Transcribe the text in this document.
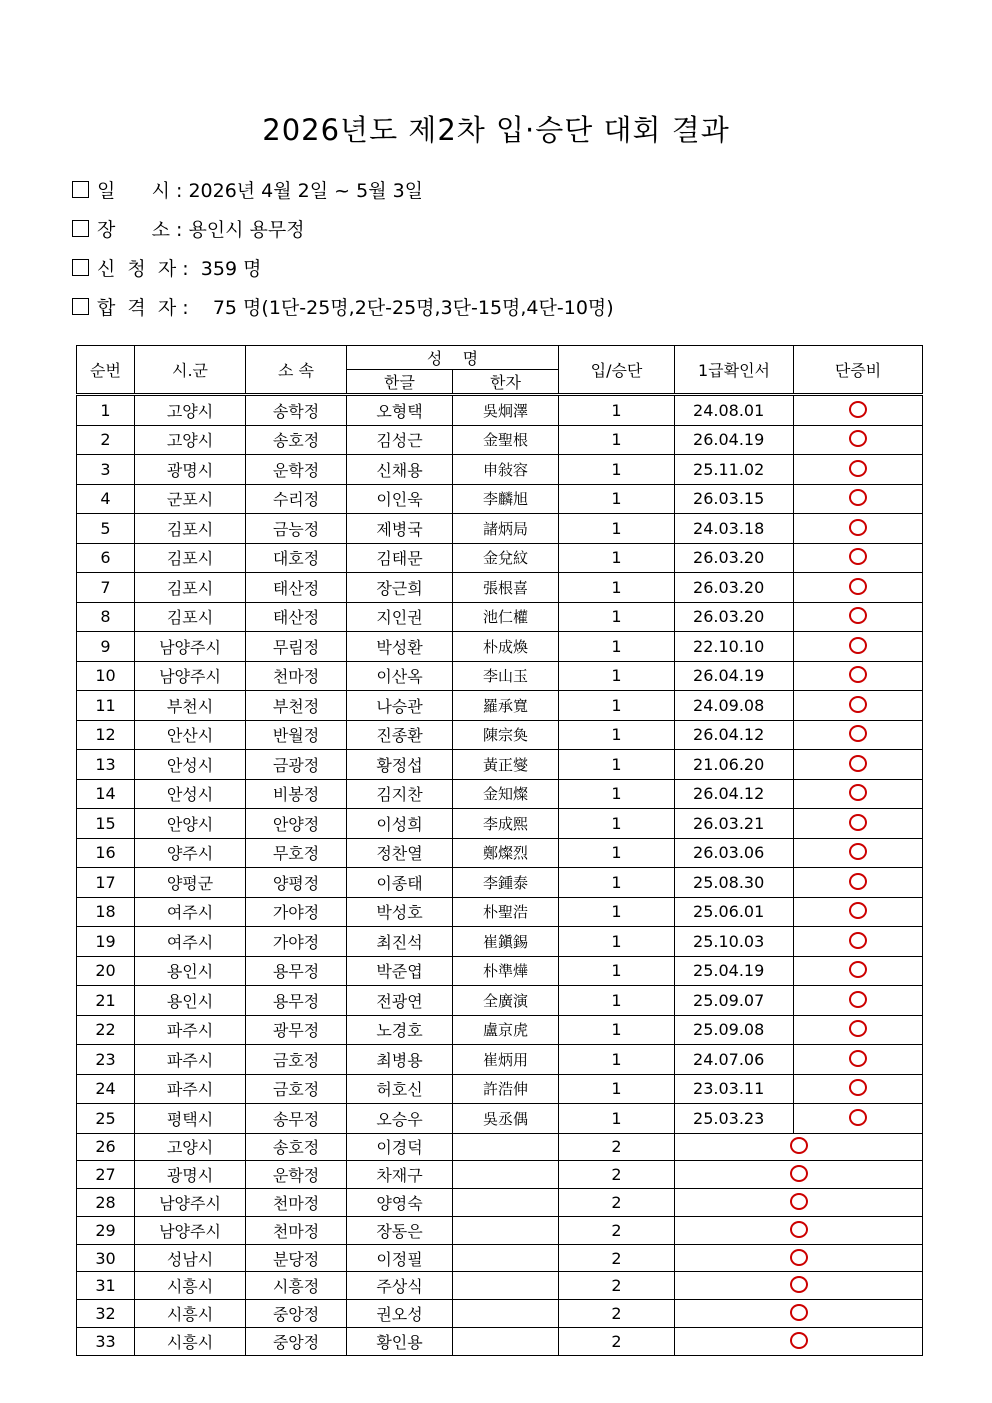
2026년도 제2차 입·승단 대회 결과
일      시 : 2026년 4월 2일 ~ 5월 3일
장      소 : 용인시 용무정
신  청  자 :  359 명
합  격  자 :    75 명(1단-25명,2단-25명,3단-15명,4단-10명)
순번	시.군	소 속	성    명		입/승단	1급확인서	단증비
			한글	한자			
1	고양시	송학정	오형택	吳炯澤	1	24.08.01	
2	고양시	송호정	김성근	金聖根	1	26.04.19	
3	광명시	운학정	신채용	申敍容	1	25.11.02	
4	군포시	수리정	이인욱	李麟旭	1	26.03.15	
5	김포시	금능정	제병국	諸炳局	1	24.03.18	
6	김포시	대호정	김태문	金兌紋	1	26.03.20	
7	김포시	태산정	장근희	張根喜	1	26.03.20	
8	김포시	태산정	지인권	池仁權	1	26.03.20	
9	남양주시	무림정	박성환	朴成煥	1	22.10.10	
10	남양주시	천마정	이산옥	李山玉	1	26.04.19	
11	부천시	부천정	나승관	羅承寬	1	24.09.08	
12	안산시	반월정	진종환	陳宗奐	1	26.04.12	
13	안성시	금광정	황정섭	黃正燮	1	21.06.20	
14	안성시	비봉정	김지찬	金知燦	1	26.04.12	
15	안양시	안양정	이성희	李成熙	1	26.03.21	
16	양주시	무호정	정찬열	鄭燦烈	1	26.03.06	
17	양평군	양평정	이종태	李鍾泰	1	25.08.30	
18	여주시	가야정	박성호	朴聖浩	1	25.06.01	
19	여주시	가야정	최진석	崔鎭錫	1	25.10.03	
20	용인시	용무정	박준엽	朴準燁	1	25.04.19	
21	용인시	용무정	전광연	全廣演	1	25.09.07	
22	파주시	광무정	노경호	盧京虎	1	25.09.08	
23	파주시	금호정	최병용	崔炳用	1	24.07.06	
24	파주시	금호정	허호신	許浩伸	1	23.03.11	
25	평택시	송무정	오승우	吳丞偶	1	25.03.23	
26	고양시	송호정	이경덕		2		
27	광명시	운학정	차재구		2		
28	남양주시	천마정	양영숙		2		
29	남양주시	천마정	장동은		2		
30	성남시	분당정	이정필		2		
31	시흥시	시흥정	주상식		2		
32	시흥시	중앙정	권오성		2		
33	시흥시	중앙정	황인용		2		
